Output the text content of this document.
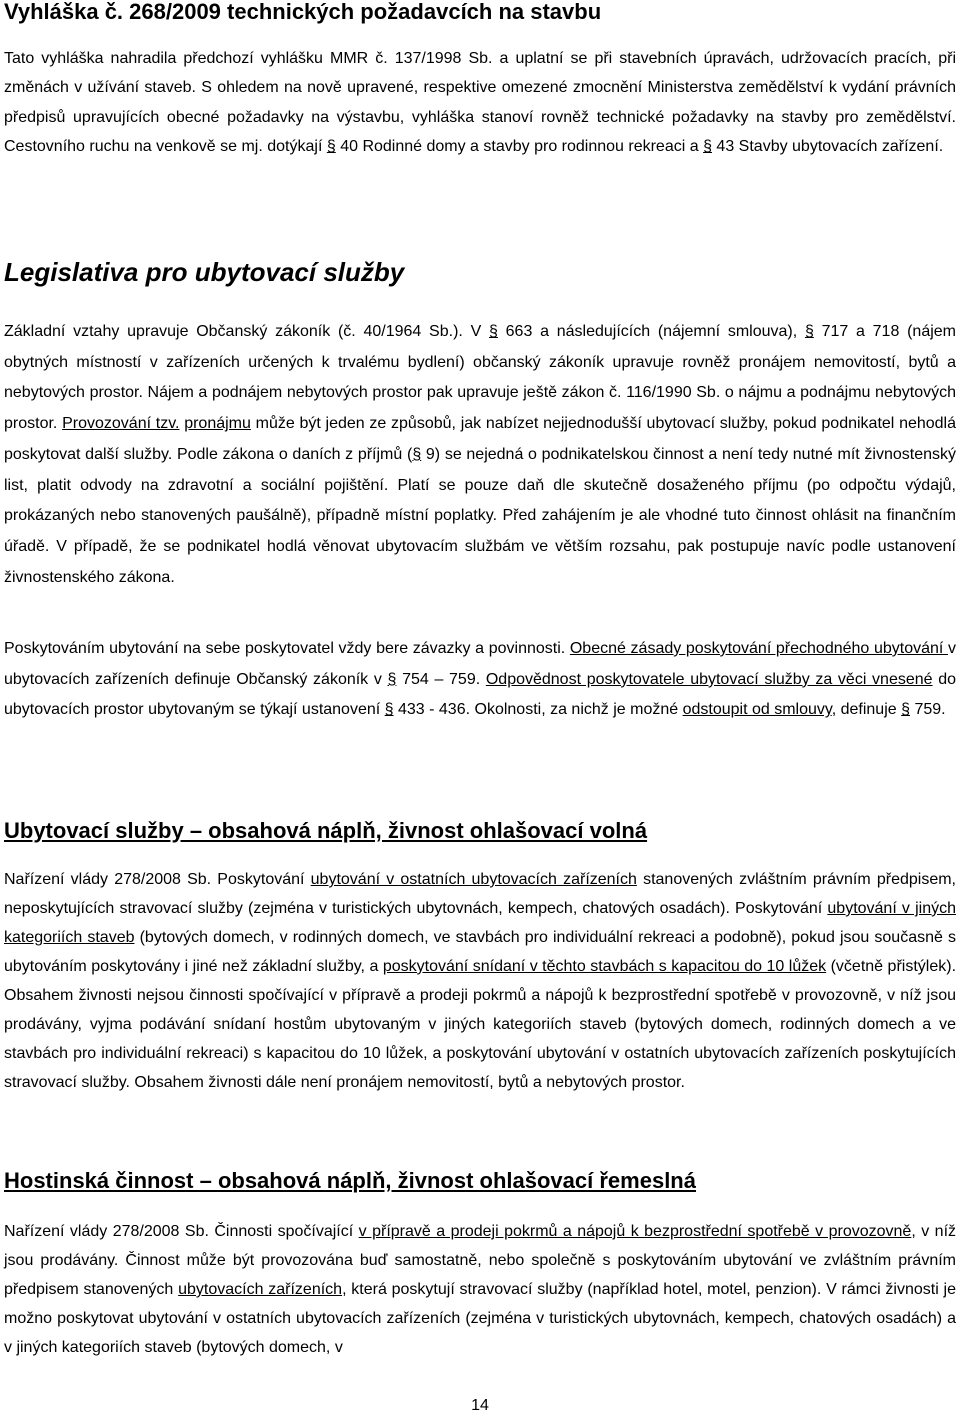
Vyhláška č. 268/2009 technických požadavcích na stavbu
Tato vyhláška nahradila předchozí vyhlášku MMR č. 137/1998 Sb. a uplatní se při stavebních úpravách, udržovacích pracích, při změnách v užívání staveb. S ohledem na nově upravené, respektive omezené zmocnění Ministerstva zemědělství k vydání právních předpisů upravujících obecné požadavky na výstavbu, vyhláška stanoví rovněž technické požadavky na stavby pro zemědělství. Cestovního ruchu na venkově se mj. dotýkají § 40 Rodinné domy a stavby pro rodinnou rekreaci a § 43 Stavby ubytovacích zařízení.
Legislativa pro ubytovací služby
Základní vztahy upravuje Občanský zákoník (č. 40/1964 Sb.). V § 663 a následujících (nájemní smlouva), § 717 a 718 (nájem obytných místností v zařízeních určených k trvalému bydlení) občanský zákoník upravuje rovněž pronájem nemovitostí, bytů a nebytových prostor. Nájem a podnájem nebytových prostor pak upravuje ještě zákon č. 116/1990 Sb. o nájmu a podnájmu nebytových prostor. Provozování tzv. pronájmu může být jeden ze způsobů, jak nabízet nejjednodušší ubytovací služby, pokud podnikatel nehodlá poskytovat další služby. Podle zákona o daních z příjmů (§ 9) se nejedná o podnikatelskou činnost a není tedy nutné mít živnostenský list, platit odvody na zdravotní a sociální pojištění. Platí se pouze daň dle skutečně dosaženého příjmu (po odpočtu výdajů, prokázaných nebo stanovených paušálně), případně místní poplatky. Před zahájením je ale vhodné tuto činnost ohlásit na finančním úřadě. V případě, že se podnikatel hodlá věnovat ubytovacím službám ve větším rozsahu, pak postupuje navíc podle ustanovení živnostenského zákona.
Poskytováním ubytování na sebe poskytovatel vždy bere závazky a povinnosti. Obecné zásady poskytování přechodného ubytování v ubytovacích zařízeních definuje Občanský zákoník v § 754 – 759. Odpovědnost poskytovatele ubytovací služby za věci vnesené do ubytovacích prostor ubytovaným se týkají ustanovení § 433 - 436. Okolnosti, za nichž je možné odstoupit od smlouvy, definuje § 759.
Ubytovací služby – obsahová náplň, živnost ohlašovací volná
Nařízení vlády 278/2008 Sb. Poskytování ubytování v ostatních ubytovacích zařízeních stanovených zvláštním právním předpisem, neposkytujících stravovací služby (zejména v turistických ubytovnách, kempech, chatových osadách). Poskytování ubytování v jiných kategoriích staveb (bytových domech, v rodinných domech, ve stavbách pro individuální rekreaci a podobně), pokud jsou současně s ubytováním poskytovány i jiné než základní služby, a poskytování snídaní v těchto stavbách s kapacitou do 10 lůžek (včetně přistýlek). Obsahem živnosti nejsou činnosti spočívající v přípravě a prodeji pokrmů a nápojů k bezprostřední spotřebě v provozovně, v níž jsou prodávány, vyjma podávání snídaní hostům ubytovaným v jiných kategoriích staveb (bytových domech, rodinných domech a ve stavbách pro individuální rekreaci) s kapacitou do 10 lůžek, a poskytování ubytování v ostatních ubytovacích zařízeních poskytujících stravovací služby. Obsahem živnosti dále není pronájem nemovitostí, bytů a nebytových prostor.
Hostinská činnost – obsahová náplň, živnost ohlašovací řemeslná
Nařízení vlády 278/2008 Sb. Činnosti spočívající v přípravě a prodeji pokrmů a nápojů k bezprostřední spotřebě v provozovně, v níž jsou prodávány. Činnost může být provozována buď samostatně, nebo společně s poskytováním ubytování ve zvláštním právním předpisem stanovených ubytovacích zařízeních, která poskytují stravovací služby (například hotel, motel, penzion). V rámci živnosti je možno poskytovat ubytování v ostatních ubytovacích zařízeních (zejména v turistických ubytovnách, kempech, chatových osadách) a v jiných kategoriích staveb (bytových domech, v
14
